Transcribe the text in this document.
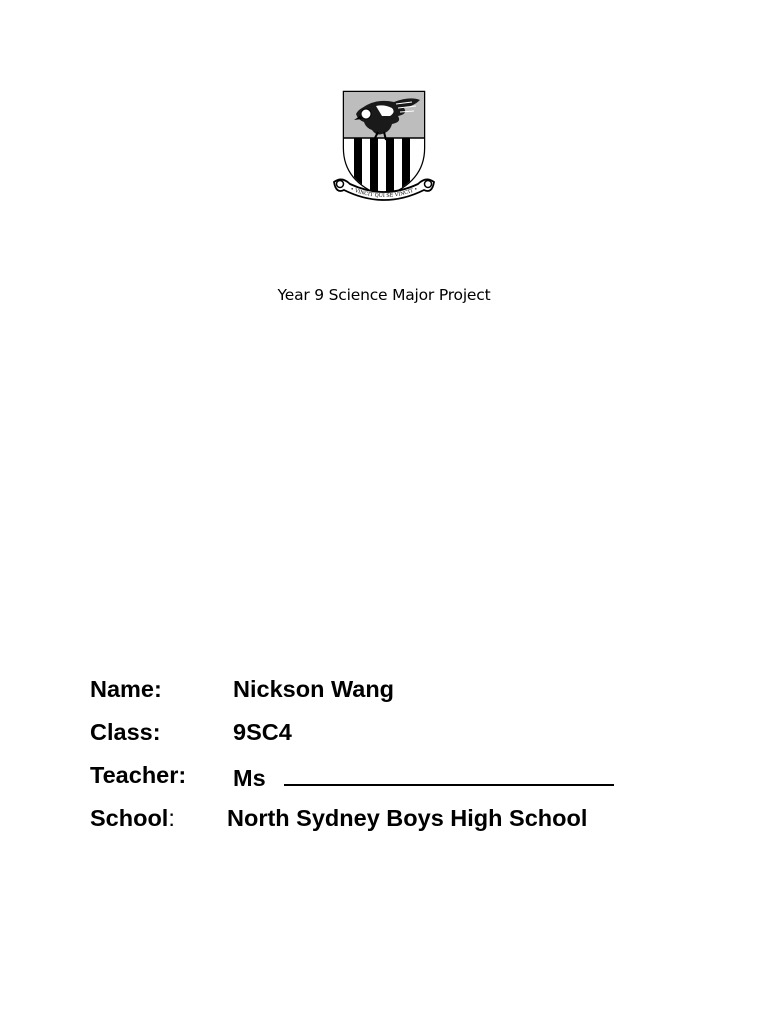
• VINCIT QUI SE VINCIT •
Year 9 Science Major Project
Name:	Nickson Wang
Class:	9SC4
Teacher: Ms
School: North Sydney Boys High School
